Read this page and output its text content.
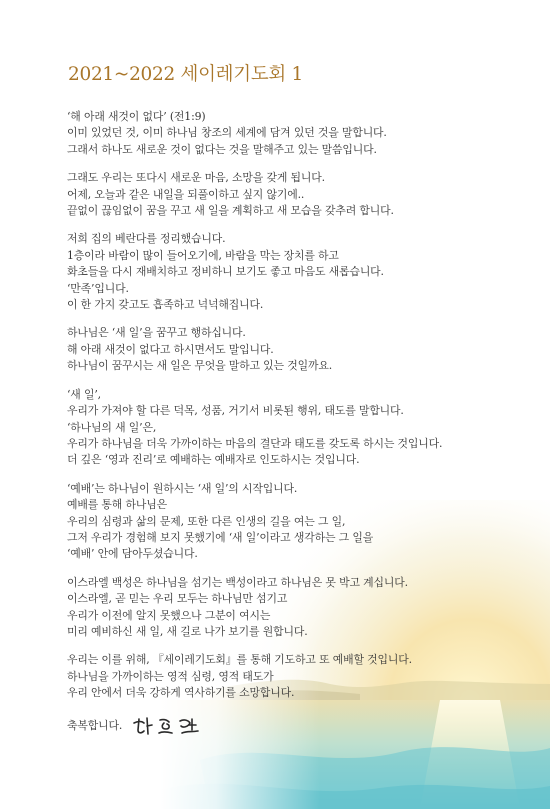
2021~2022 세이레기도회 1
‘해 아래 새것이 없다’ (전1:9)
이미 있었던 것, 이미 하나님 창조의 세계에 담겨 있던 것을 말합니다.
그래서 하나도 새로운 것이 없다는 것을 말해주고 있는 말씀입니다.
그래도 우리는 또다시 새로운 마음, 소망을 갖게 됩니다.
어제, 오늘과 같은 내일을 되풀이하고 싶지 않기에..
끝없이 끊임없이 꿈을 꾸고 새 일을 계획하고 새 모습을 갖추려 합니다.
저희 집의 베란다를 정리했습니다.
1층이라 바람이 많이 들어오기에, 바람을 막는 장치를 하고
화초들을 다시 재배치하고 정비하니 보기도 좋고 마음도 새롭습니다.
‘만족’입니다.
이 한 가지 갖고도 흡족하고 넉넉해집니다.
하나님은 ‘새 일’을 꿈꾸고 행하십니다.
해 아래 새것이 없다고 하시면서도 말입니다.
하나님이 꿈꾸시는 새 일은 무엇을 말하고 있는 것일까요.
‘새 일’,
우리가 가져야 할 다른 덕목, 성품, 거기서 비롯된 행위, 태도를 말합니다.
‘하나님의 새 일’은,
우리가 하나님을 더욱 가까이하는 마음의 결단과 태도를 갖도록 하시는 것입니다.
더 깊은 ‘영과 진리’로 예배하는 예배자로 인도하시는 것입니다.
‘예배’는 하나님이 원하시는 ‘새 일’의 시작입니다.
예배를 통해 하나님은
우리의 심령과 삶의 문제, 또한 다른 인생의 길을 여는 그 일,
그저 우리가 경험해 보지 못했기에 ‘새 일’이라고 생각하는 그 일을
‘예배’ 안에 담아두셨습니다.
이스라엘 백성은 하나님을 섬기는 백성이라고 하나님은 못 박고 계십니다.
이스라엘, 곧 믿는 우리 모두는 하나님만 섬기고
우리가 이전에 알지 못했으나 그분이 여시는
미리 예비하신 새 일, 새 길로 나가 보기를 원합니다.
우리는 이를 위해, 『세이레기도회』를 통해 기도하고 또 예배할 것입니다.
하나님을 가까이하는 영적 심령, 영적 태도가
우리 안에서 더욱 강하게 역사하기를 소망합니다.
축복합니다.
